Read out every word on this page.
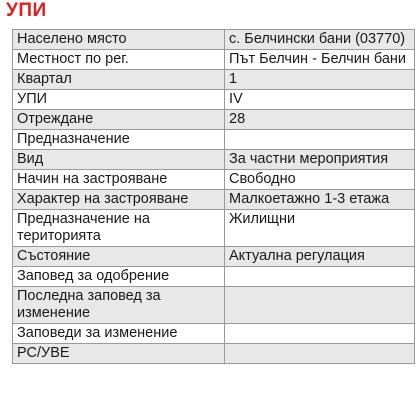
УПИ
Населено място	с. Белчински бани (03770)
Местност по рег.	Път Белчин - Белчин бани
Квартал	1
УПИ	IV
Отреждане	28
Предназначение	
Вид	За частни мероприятия
Начин на застрояване	Свободно
Характер на застрояване	Малкоетажно 1-3 етажа
Предназначение на територията	Жилищни
Състояние	Актуална регулация
Заповед за одобрение	
Последна заповед за изменение	
Заповеди за изменение	
РС/УВЕ	
